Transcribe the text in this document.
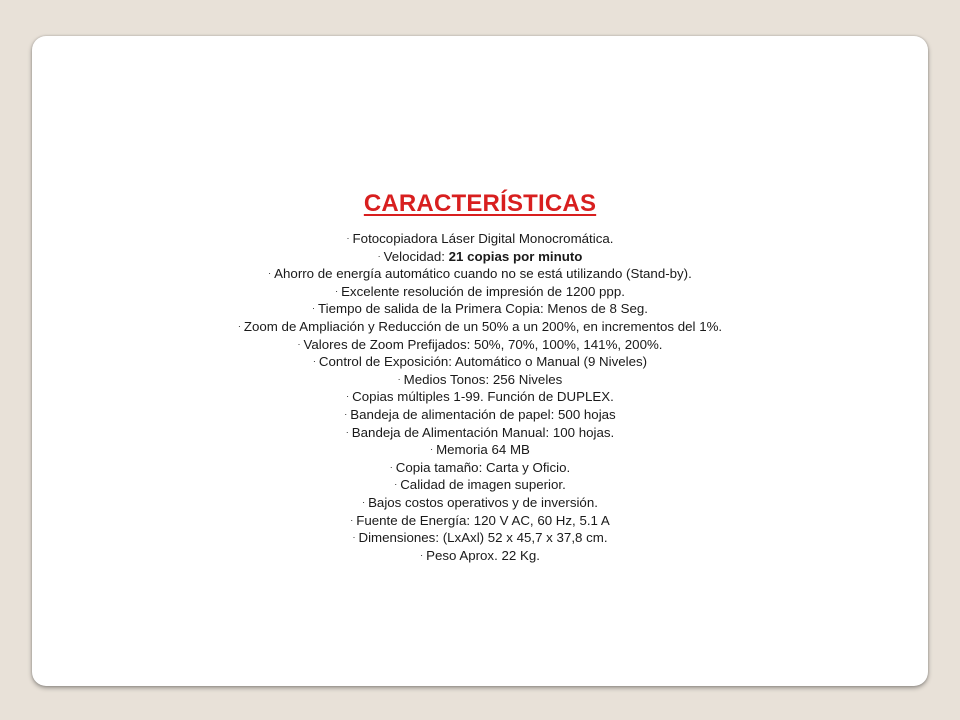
CARACTERÍSTICAS
· Fotocopiadora Láser Digital Monocromática.
· Velocidad: 21 copias por minuto
· Ahorro de energía automático cuando no se está utilizando (Stand-by).
· Excelente resolución de impresión de 1200 ppp.
· Tiempo de salida de la Primera Copia: Menos de 8 Seg.
· Zoom de Ampliación y Reducción de un 50% a un 200%, en incrementos del 1%.
· Valores de Zoom Prefijados: 50%, 70%, 100%, 141%, 200%.
· Control de Exposición: Automático o Manual (9 Niveles)
· Medios Tonos: 256 Niveles
· Copias múltiples 1-99. Función de DUPLEX.
· Bandeja de alimentación de papel: 500 hojas
· Bandeja de Alimentación Manual: 100 hojas.
· Memoria 64 MB
· Copia tamaño: Carta y Oficio.
· Calidad de imagen superior.
· Bajos costos operativos y de inversión.
· Fuente de Energía: 120 V AC, 60 Hz, 5.1 A
· Dimensiones: (LxAxl) 52 x 45,7 x 37,8 cm.
· Peso Aprox. 22 Kg.
